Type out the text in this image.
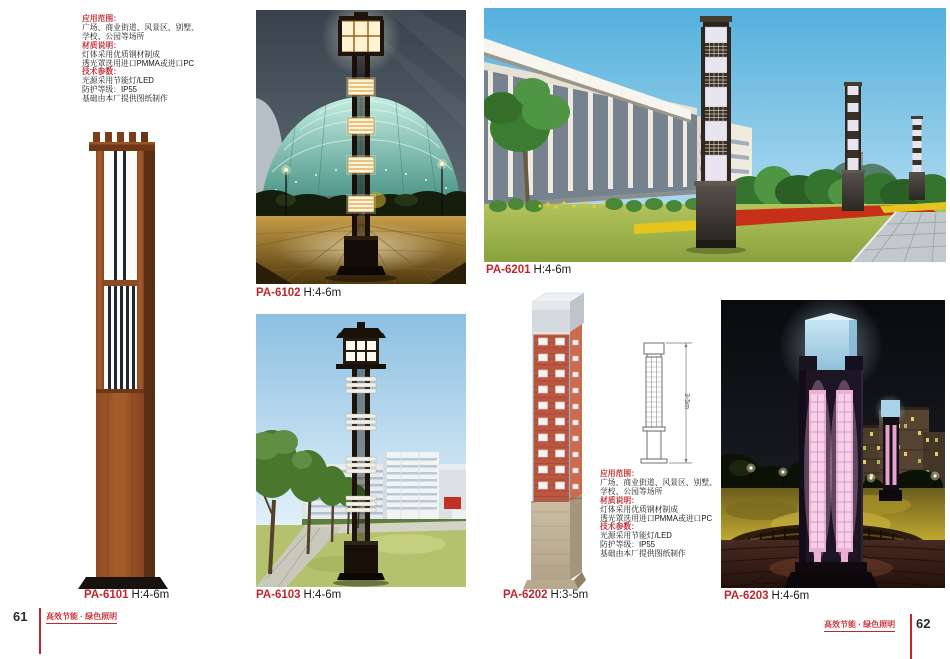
应用范围：
广场、商业街道、风景区、别墅、
学校、公园等场所
材质说明：
灯体采用优质钢材制成
透光罩选用进口PMMA或进口PC
技术参数：
光源采用节能灯/LED
防护等级：IP55
基础由本厂提供图纸制作
3-5m
应用范围：
广场、商业街道、风景区、别墅、
学校、公园等场所
材质说明：
灯体采用优质钢材制成
透光罩选用进口PMMA或进口PC
技术参数：
光源采用节能灯/LED
防护等级：IP55
基础由本厂提供图纸制作
PA-6101 H:4-6m
PA-6102 H:4-6m
PA-6103 H:4-6m
PA-6201 H:4-6m
PA-6202 H:3-5m	PA-6203 H:4-6m
61 高效节能 · 绿色照明
高效节能 · 绿色照明 62
